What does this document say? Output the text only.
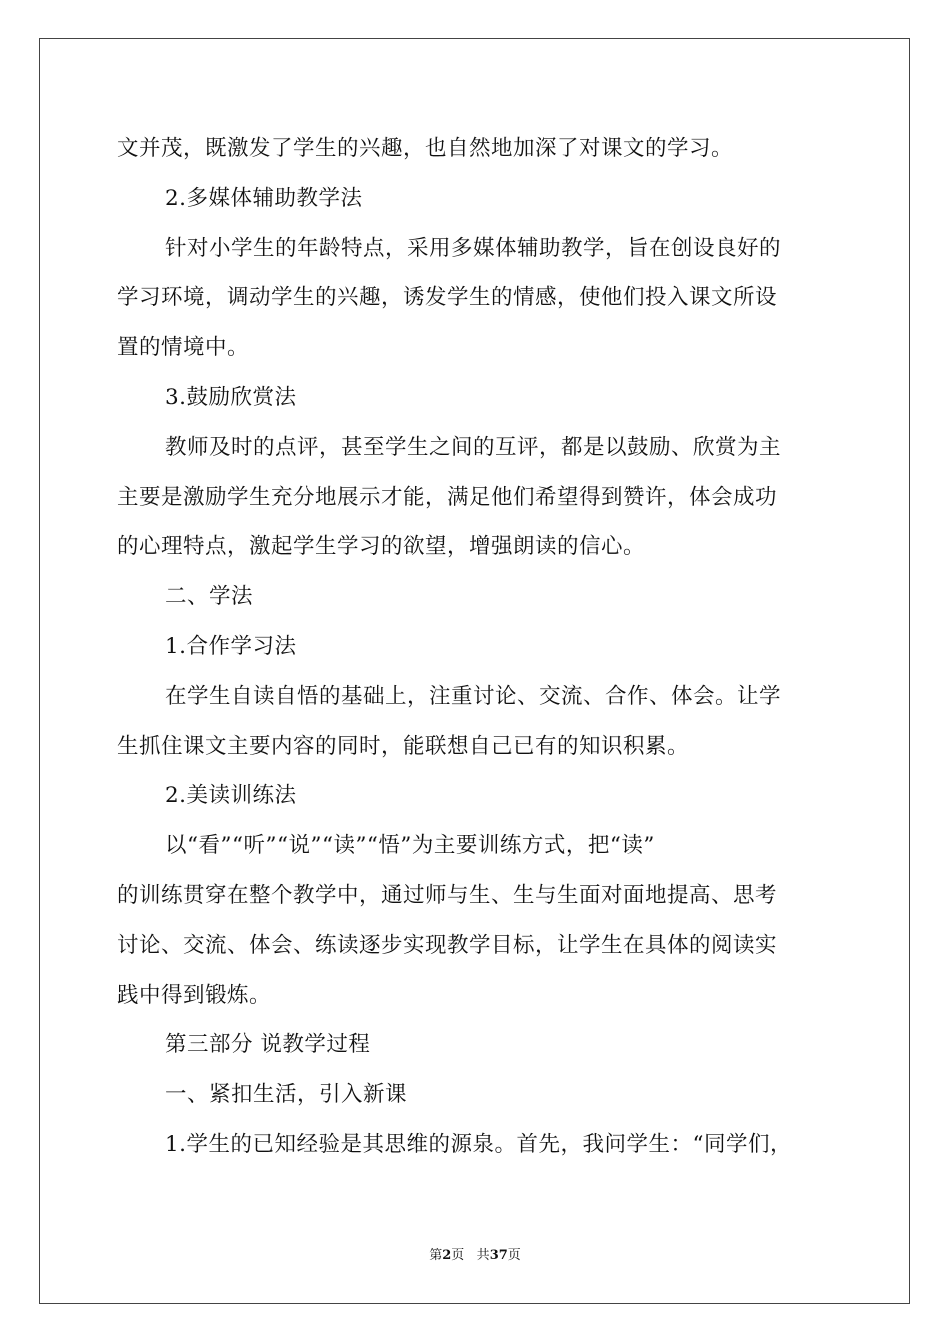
文并茂，既激发了学生的兴趣，也自然地加深了对课文的学习。
2.多媒体辅助教学法
针对小学生的年龄特点，采用多媒体辅助教学，旨在创设良好的
学习环境，调动学生的兴趣，诱发学生的情感，使他们投入课文所设
置的情境中。
3.鼓励欣赏法
教师及时的点评，甚至学生之间的互评，都是以鼓励、欣赏为主
主要是激励学生充分地展示才能，满足他们希望得到赞许，体会成功
的心理特点，激起学生学习的欲望，增强朗读的信心。
二、学法
1.合作学习法
在学生自读自悟的基础上，注重讨论、交流、合作、体会。让学
生抓住课文主要内容的同时，能联想自己已有的知识积累。
2.美读训练法
以“看”“听”“说”“读”“悟”为主要训练方式，把“读”
的训练贯穿在整个教学中，通过师与生、生与生面对面地提高、思考
讨论、交流、体会、练读逐步实现教学目标，让学生在具体的阅读实
践中得到锻炼。
第三部分 说教学过程
一、紧扣生活，引入新课
1.学生的已知经验是其思维的源泉。首先，我问学生：“同学们，
第2页 共37页
